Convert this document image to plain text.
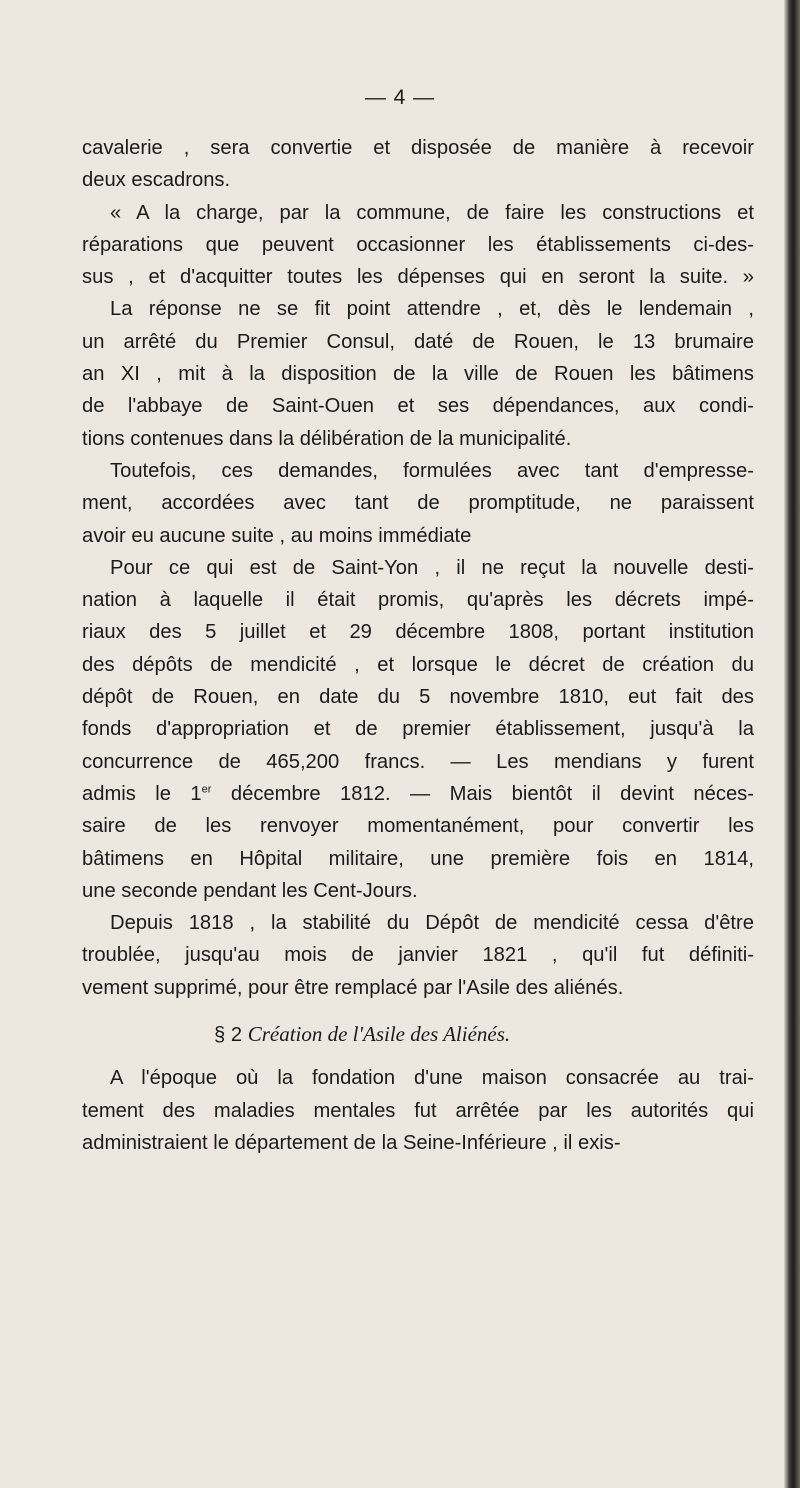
— 4 —
cavalerie , sera convertie et disposée de manière à recevoir
deux escadrons.
« A la charge, par la commune, de faire les constructions et
réparations que peuvent occasionner les établissements ci-des-
sus , et d'acquitter toutes les dépenses qui en seront la suite. »
La réponse ne se fit point attendre , et, dès le lendemain ,
un arrêté du Premier Consul, daté de Rouen, le 13 brumaire
an XI , mit à la disposition de la ville de Rouen les bâtimens
de l'abbaye de Saint-Ouen et ses dépendances, aux condi-
tions contenues dans la délibération de la municipalité.
Toutefois, ces demandes, formulées avec tant d'empresse-
ment, accordées avec tant de promptitude, ne paraissent
avoir eu aucune suite , au moins immédiate
Pour ce qui est de Saint-Yon , il ne reçut la nouvelle desti-
nation à laquelle il était promis, qu'après les décrets impé-
riaux des 5 juillet et 29 décembre 1808, portant institution
des dépôts de mendicité , et lorsque le décret de création du
dépôt de Rouen, en date du 5 novembre 1810, eut fait des
fonds d'appropriation et de premier établissement, jusqu'à la
concurrence de 465,200 francs. — Les mendians y furent
admis le 1er décembre 1812. — Mais bientôt il devint néces-
saire de les renvoyer momentanément, pour convertir les
bâtimens en Hôpital militaire, une première fois en 1814,
une seconde pendant les Cent-Jours.
Depuis 1818 , la stabilité du Dépôt de mendicité cessa d'être
troublée, jusqu'au mois de janvier 1821 , qu'il fut définiti-
vement supprimé, pour être remplacé par l'Asile des aliénés.
§ 2 Création de l'Asile des Aliénés.
A l'époque où la fondation d'une maison consacrée au trai-
tement des maladies mentales fut arrêtée par les autorités qui
administraient le département de la Seine-Inférieure , il exis-
